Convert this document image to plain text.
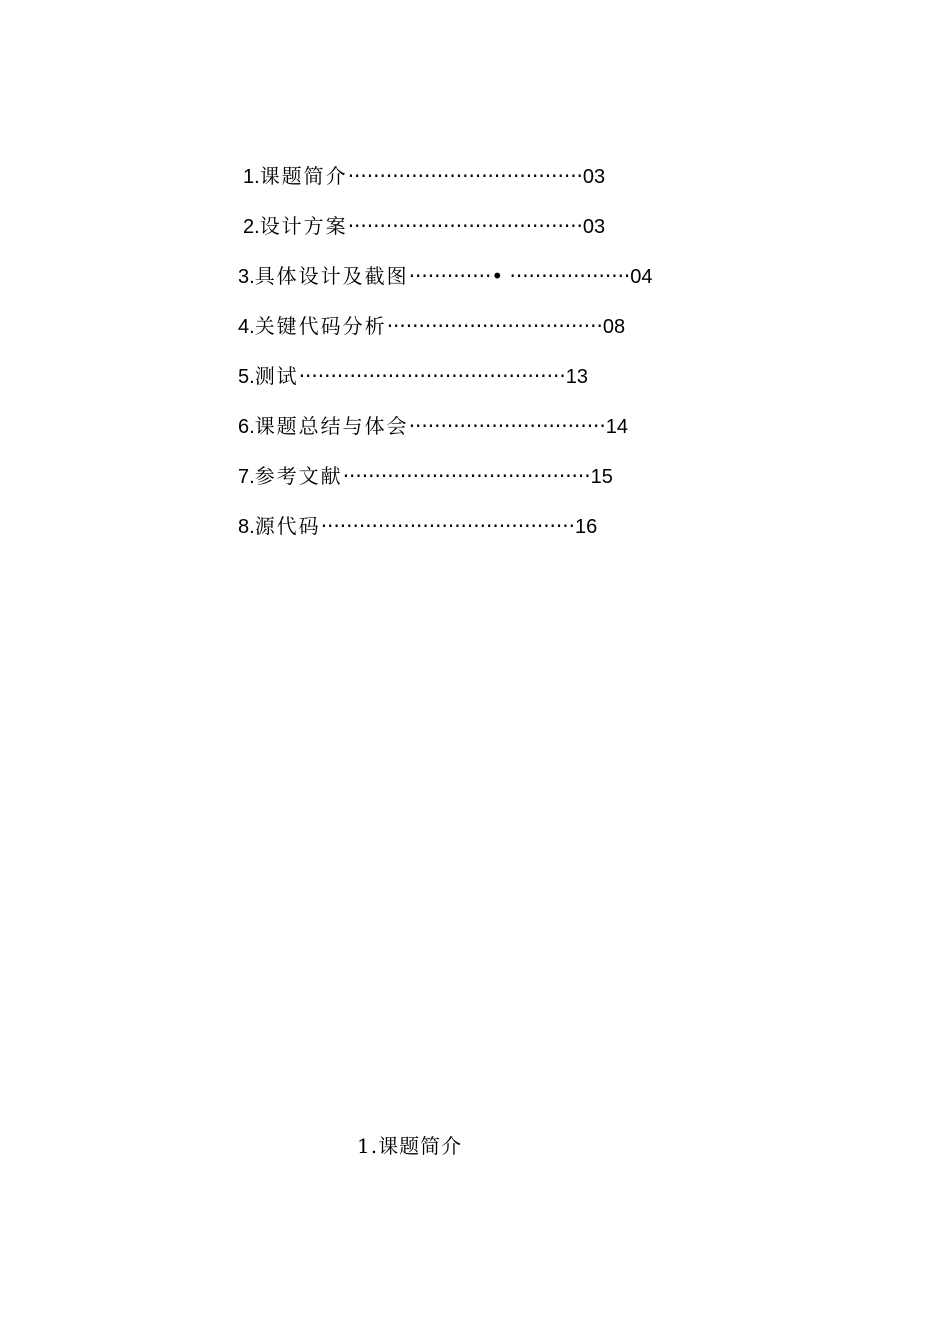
1.课题简介·····································03
2.设计方案·····································03
3.具体设计及截图·············• ···················04
4.关键代码分析··································08
5.测试··········································13
6.课题总结与体会·······························14
7.参考文献·······································15
8.源代码········································16
1.课题简介
